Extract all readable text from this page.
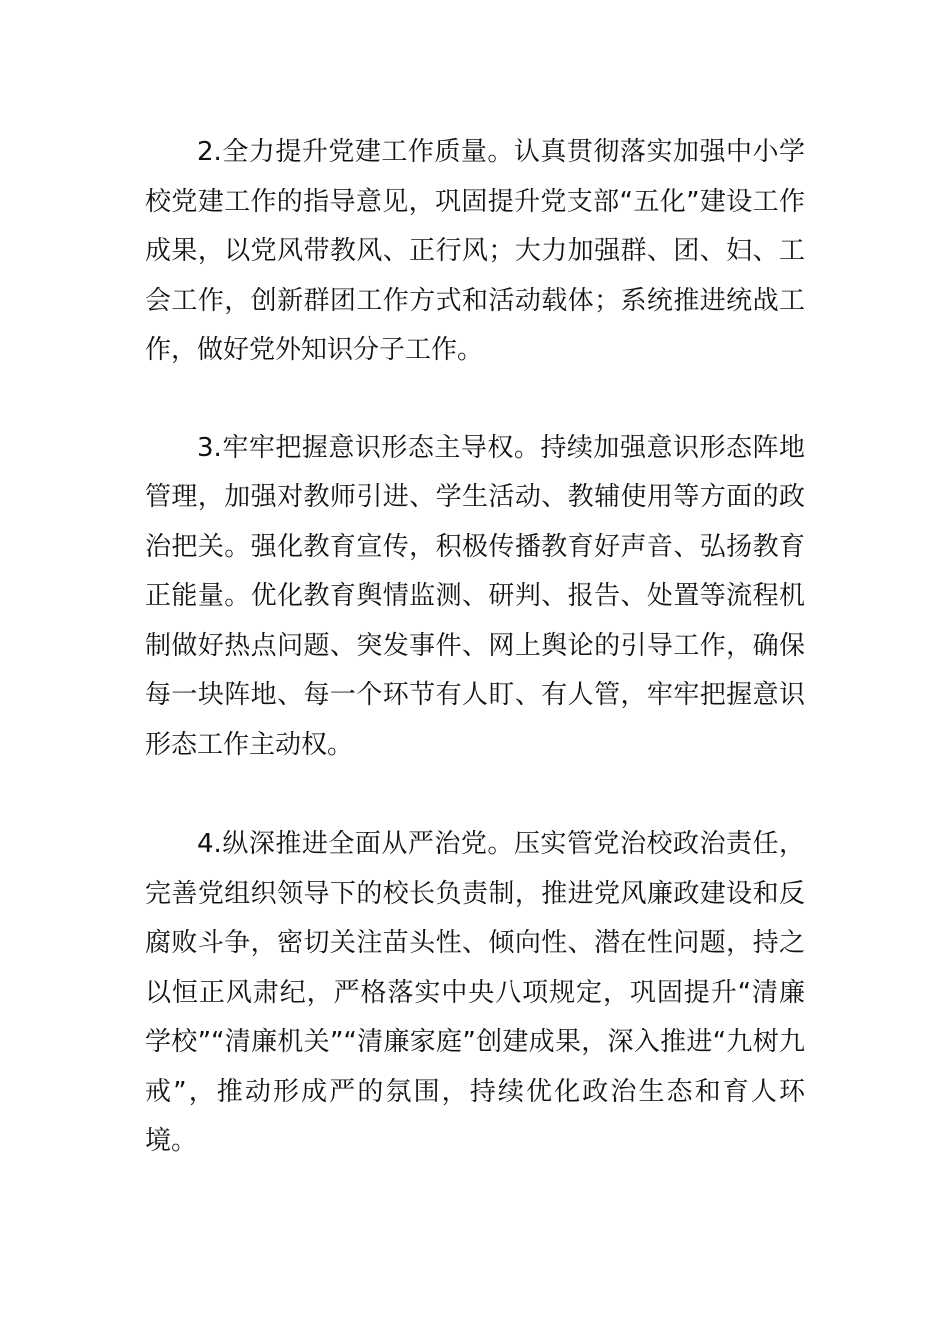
2.全力提升党建工作质量。认真贯彻落实加强中小学校党建工作的指导意见，巩固提升党支部“五化”建设工作成果，以党风带教风、正行风；大力加强群、团、妇、工会工作，创新群团工作方式和活动载体；系统推进统战工作，做好党外知识分子工作。

3.牢牢把握意识形态主导权。持续加强意识形态阵地管理，加强对教师引进、学生活动、教辅使用等方面的政治把关。强化教育宣传，积极传播教育好声音、弘扬教育正能量。优化教育舆情监测、研判、报告、处置等流程机制做好热点问题、突发事件、网上舆论的引导工作，确保每一块阵地、每一个环节有人盯、有人管，牢牢把握意识形态工作主动权。

4.纵深推进全面从严治党。压实管党治校政治责任，完善党组织领导下的校长负责制，推进党风廉政建设和反腐败斗争，密切关注苗头性、倾向性、潜在性问题，持之以恒正风肃纪，严格落实中央八项规定，巩固提升“清廉学校”“清廉机关”“清廉家庭”创建成果，深入推进“九树九戒”，推动形成严的氛围，持续优化政治生态和育人环境。
